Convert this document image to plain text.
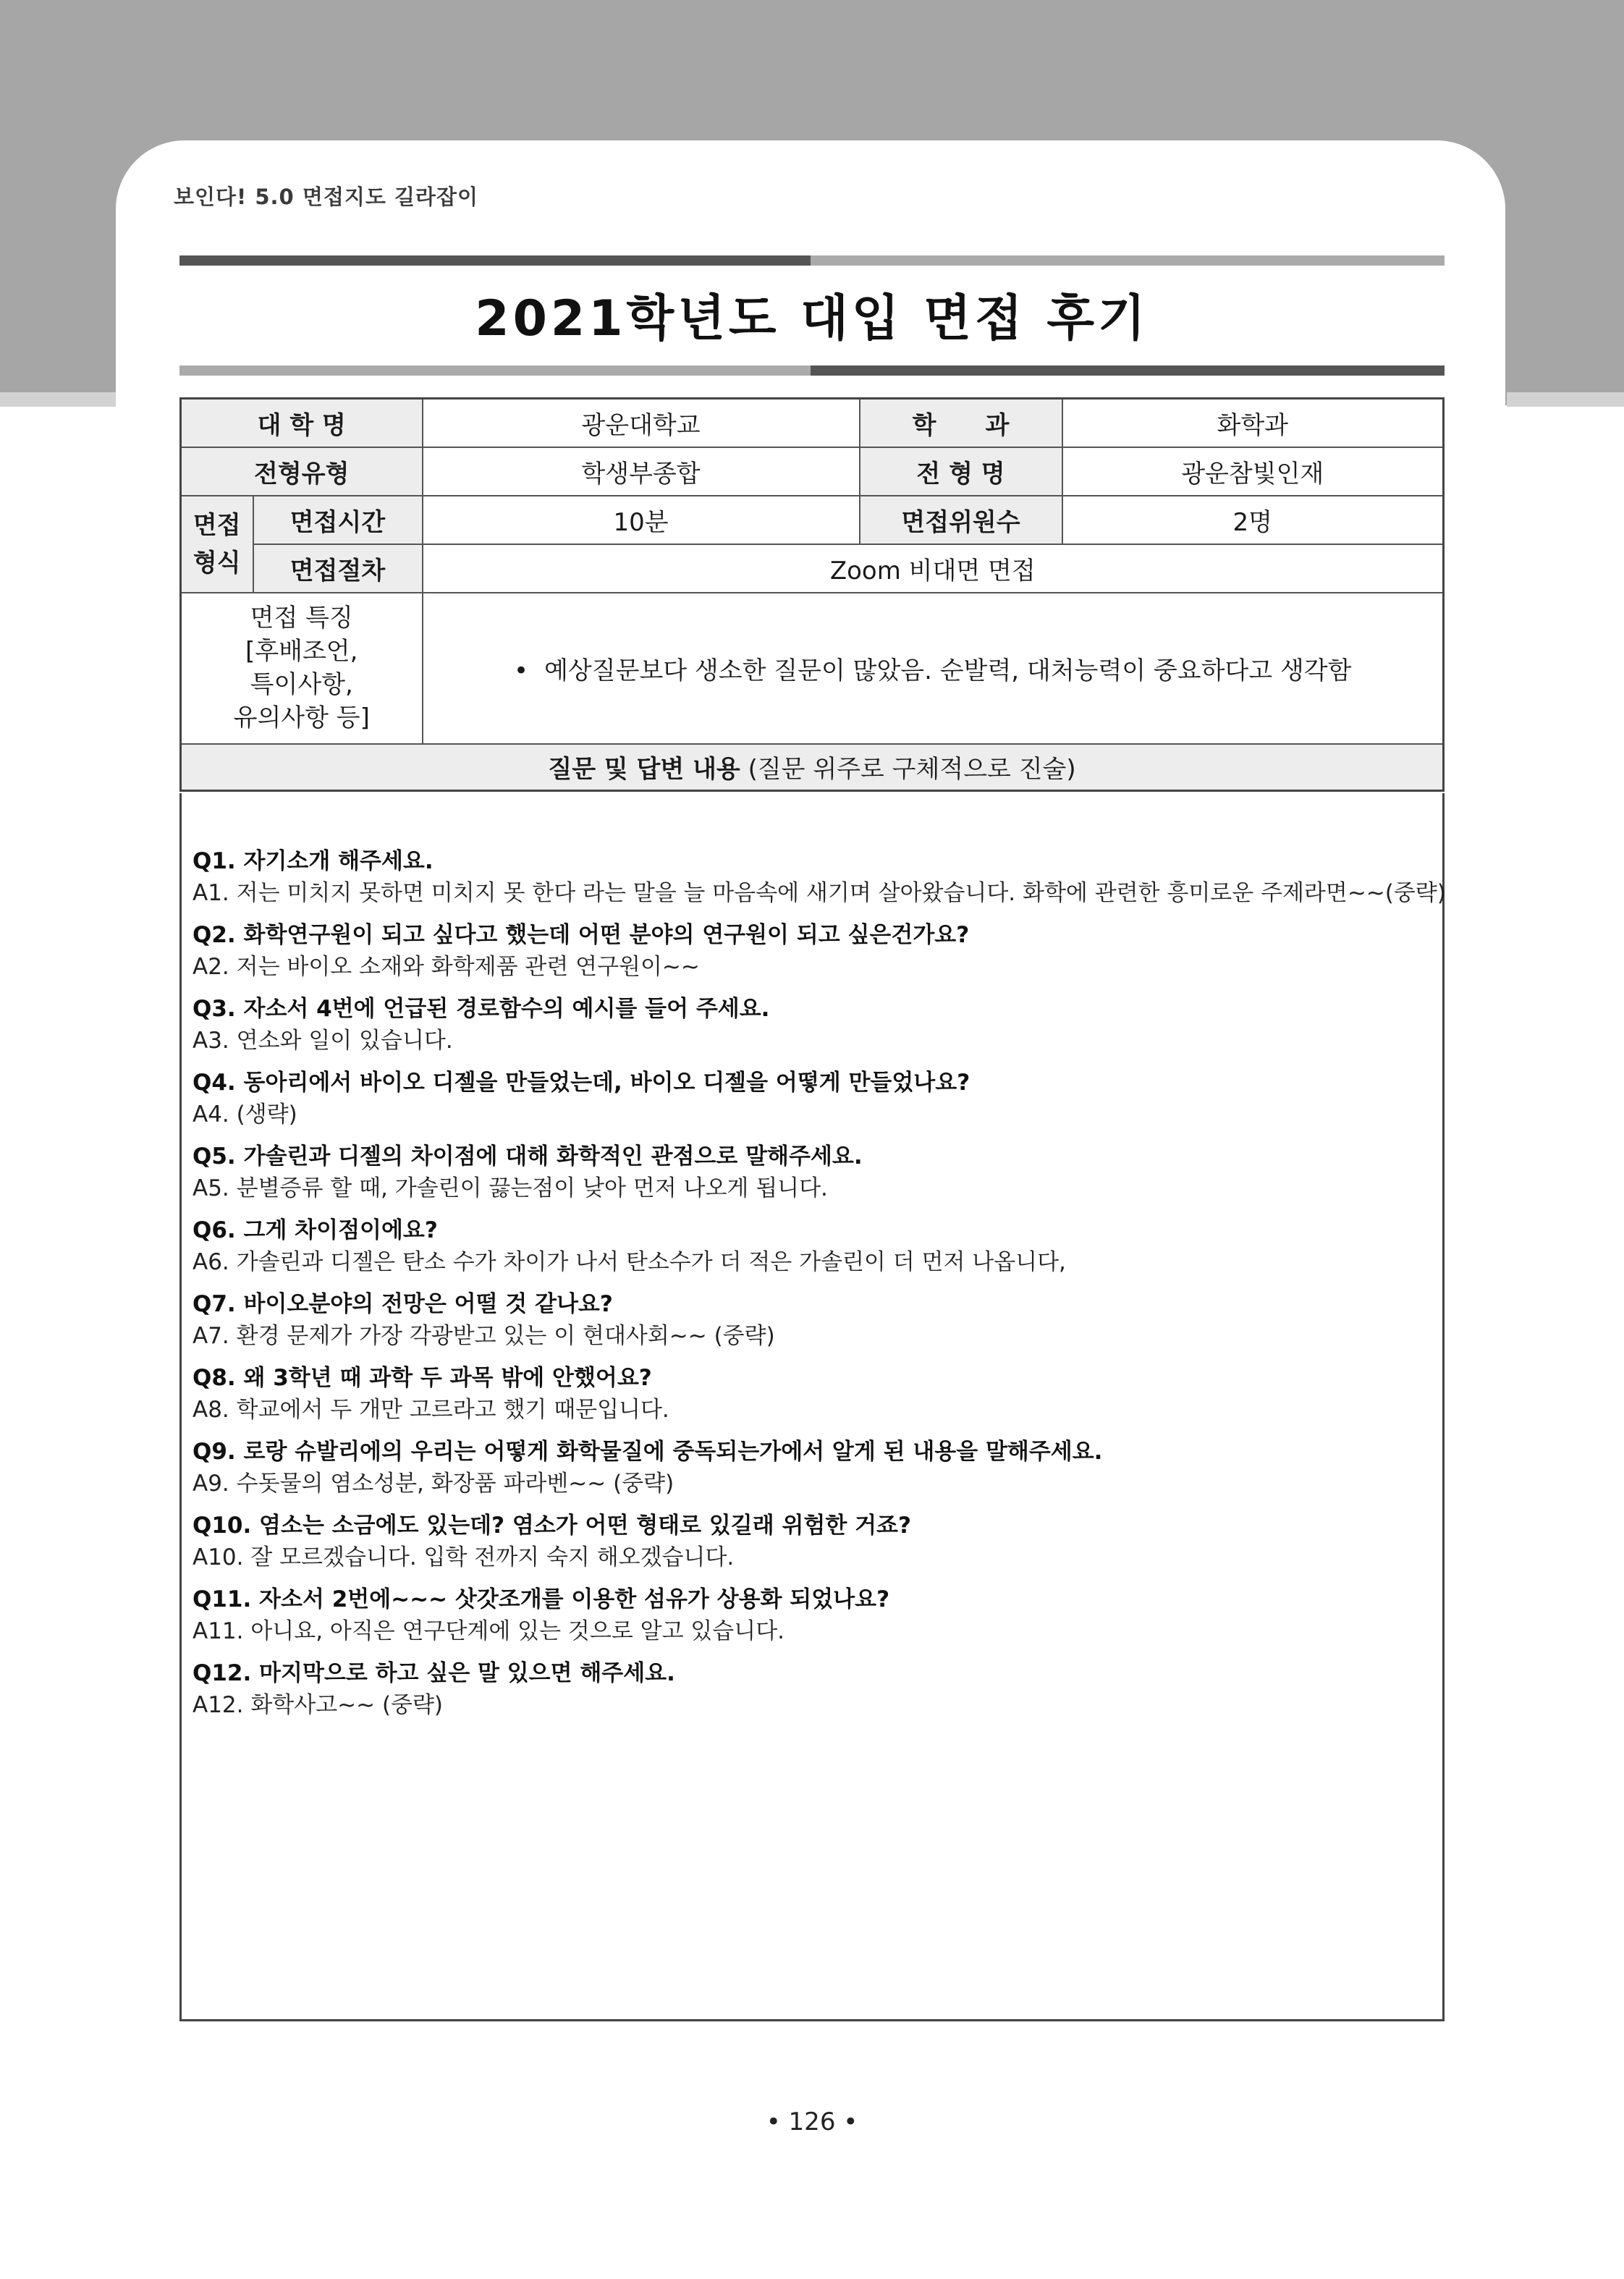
보인다! 5.0 면접지도 길라잡이
2021학년도 대입 면접 후기
대 학 명		광운대학교	학　　과	화학과
전형유형		학생부종합	전 형 명	광운참빛인재
면접
형식	면접시간	10분	면접위원수	2명
	면접절차	Zoom 비대면 면접		
면접 특징
[후배조언,
특이사항,
유의사항 등]		• 예상질문보다 생소한 질문이 많았음. 순발력, 대처능력이 중요하다고 생각함		
질문 및 답변 내용 (질문 위주로 구체적으로 진술)				
Q1. 자기소개 해주세요.
A1. 저는 미치지 못하면 미치지 못 한다 라는 말을 늘 마음속에 새기며 살아왔습니다. 화학에 관련한 흥미로운 주제라면~~(중략)
Q2. 화학연구원이 되고 싶다고 했는데 어떤 분야의 연구원이 되고 싶은건가요?
A2. 저는 바이오 소재와 화학제품 관련 연구원이~~
Q3. 자소서 4번에 언급된 경로함수의 예시를 들어 주세요.
A3. 연소와 일이 있습니다.
Q4. 동아리에서 바이오 디젤을 만들었는데, 바이오 디젤을 어떻게 만들었나요?
A4. (생략)
Q5. 가솔린과 디젤의 차이점에 대해 화학적인 관점으로 말해주세요.
A5. 분별증류 할 때, 가솔린이 끓는점이 낮아 먼저 나오게 됩니다.
Q6. 그게 차이점이에요?
A6. 가솔린과 디젤은 탄소 수가 차이가 나서 탄소수가 더 적은 가솔린이 더 먼저 나옵니다,
Q7. 바이오분야의 전망은 어떨 것 같나요?
A7. 환경 문제가 가장 각광받고 있는 이 현대사회~~ (중략)
Q8. 왜 3학년 때 과학 두 과목 밖에 안했어요?
A8. 학교에서 두 개만 고르라고 했기 때문입니다.
Q9. 로랑 슈발리에의 우리는 어떻게 화학물질에 중독되는가에서 알게 된 내용을 말해주세요.
A9. 수돗물의 염소성분, 화장품 파라벤~~ (중략)
Q10. 염소는 소금에도 있는데? 염소가 어떤 형태로 있길래 위험한 거죠?
A10. 잘 모르겠습니다. 입학 전까지 숙지 해오겠습니다.
Q11. 자소서 2번에~~~ 삿갓조개를 이용한 섬유가 상용화 되었나요?
A11. 아니요, 아직은 연구단계에 있는 것으로 알고 있습니다.
Q12. 마지막으로 하고 싶은 말 있으면 해주세요.
A12. 화학사고~~ (중략)
• 126 •
